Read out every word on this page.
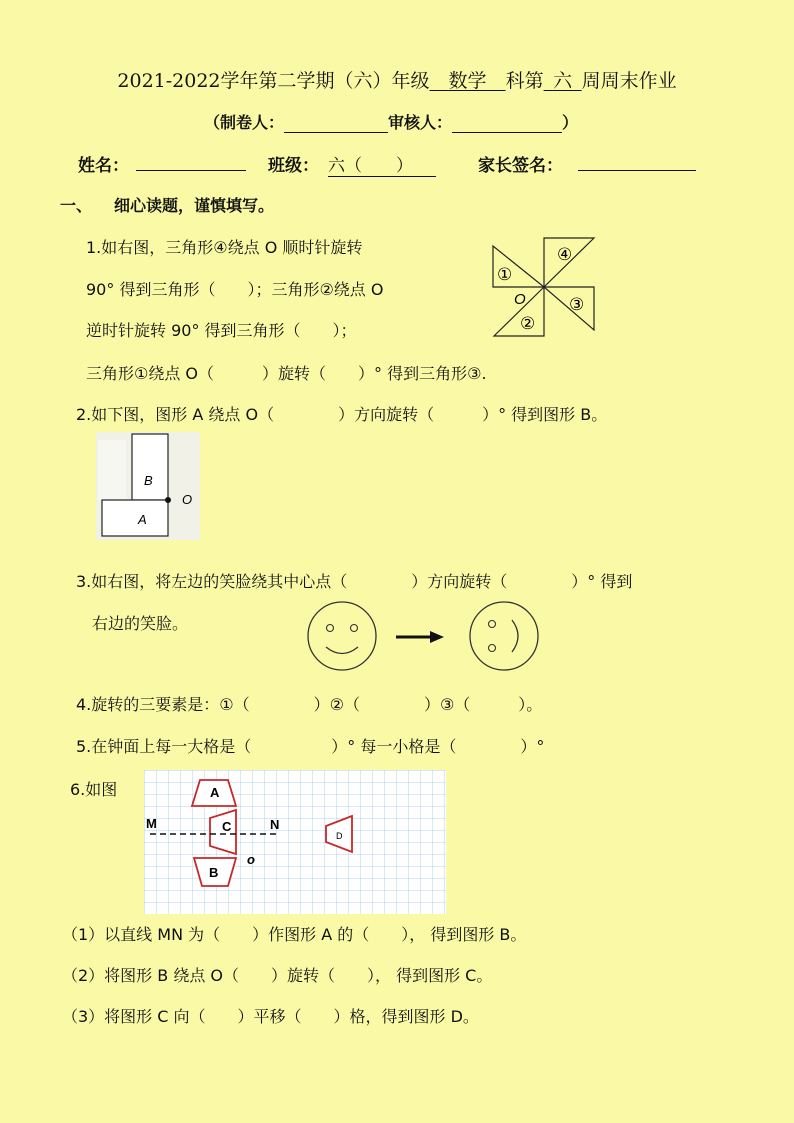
2021-2022学年第二学期（六）年级   数学   科第  六  周周末作业
（制卷人：	审核人：	）
姓名：	班级： 六（　　）	家长签名：
一、 细心读题，谨慎填写。
1.如右图，三角形④绕点 O 顺时针旋转
90° 得到三角形（　　）；三角形②绕点 O
逆时针旋转 90° 得到三角形（　　）；
三角形①绕点 O（　　　）旋转（　　）° 得到三角形③.
④
①
②
③
O
2.如下图，图形 A 绕点 O（　　　　）方向旋转（　　　）° 得到图形 B。
B
A
O
3.如右图，将左边的笑脸绕其中心点（　　　　）方向旋转（　　　　）° 得到
右边的笑脸。
4.旋转的三要素是：①（　　　　）②（　　　　）③（　　　）。
5.在钟面上每一大格是（　　　　　）° 每一小格是（　　　　）°
6.如图	A
C
B
D
M	N
o
（1）以直线 MN 为（　　）作图形 A 的（　　）， 得到图形 B。
（2）将图形 B 绕点 O（　　）旋转（　　）， 得到图形 C。
（3）将图形 C 向（　　）平移（　　）格，得到图形 D。
